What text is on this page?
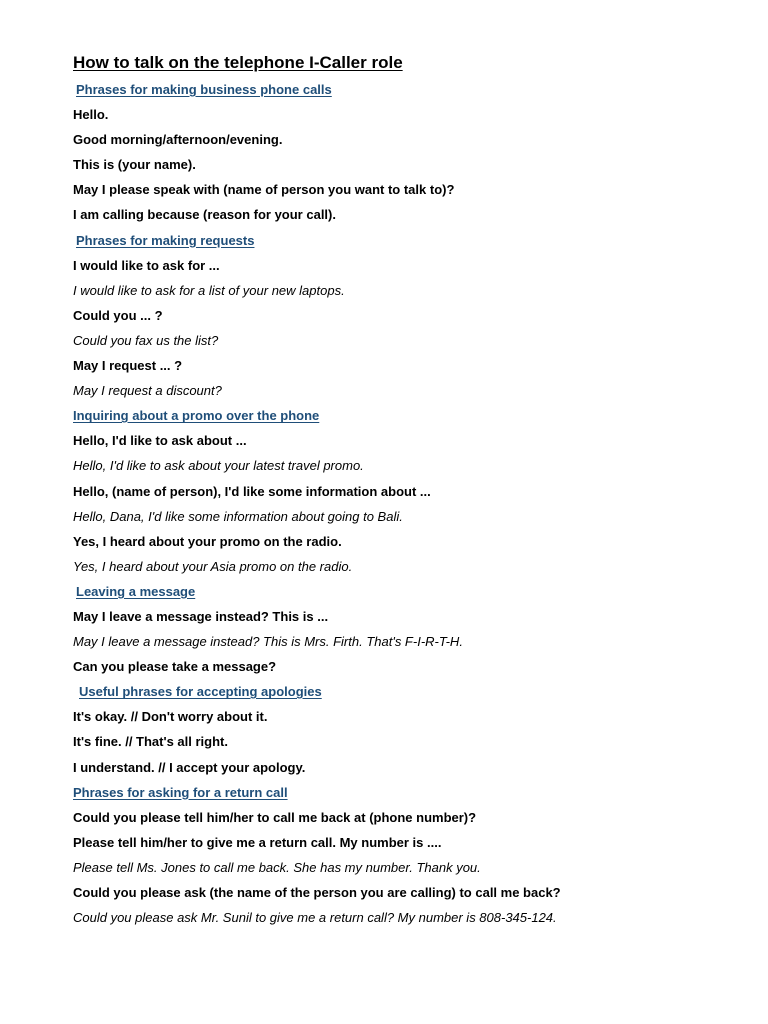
How to talk on the telephone I-Caller role
Phrases for making business phone calls
Hello.
Good morning/afternoon/evening.
This is (your name).
May I please speak with (name of person you want to talk to)?
I am calling because (reason for your call).
Phrases for making requests
I would like to ask for ...
I would like to ask for a list of your new laptops.
Could you ... ?
Could you fax us the list?
May I request ... ?
May I request a discount?
Inquiring about a promo over the phone
Hello, I'd like to ask about ...
Hello, I'd like to ask about your latest travel promo.
Hello, (name of person), I'd like some information about ...
Hello, Dana, I'd like some information about going to Bali.
Yes, I heard about your promo on the radio.
Yes, I heard about your Asia promo on the radio.
Leaving a message
May I leave a message instead? This is ...
May I leave a message instead? This is Mrs. Firth. That's F-I-R-T-H.
Can you please take a message?
Useful phrases for accepting apologies
It's okay. // Don't worry about it.
It's fine. // That's all right.
I understand. // I accept your apology.
Phrases for asking for a return call
Could you please tell him/her to call me back at (phone number)?
Please tell him/her to give me a return call. My number is ....
Please tell Ms. Jones to call me back. She has my number. Thank you.
Could you please ask (the name of the person you are calling) to call me back?
Could you please ask Mr. Sunil to give me a return call? My number is 808-345-124.
